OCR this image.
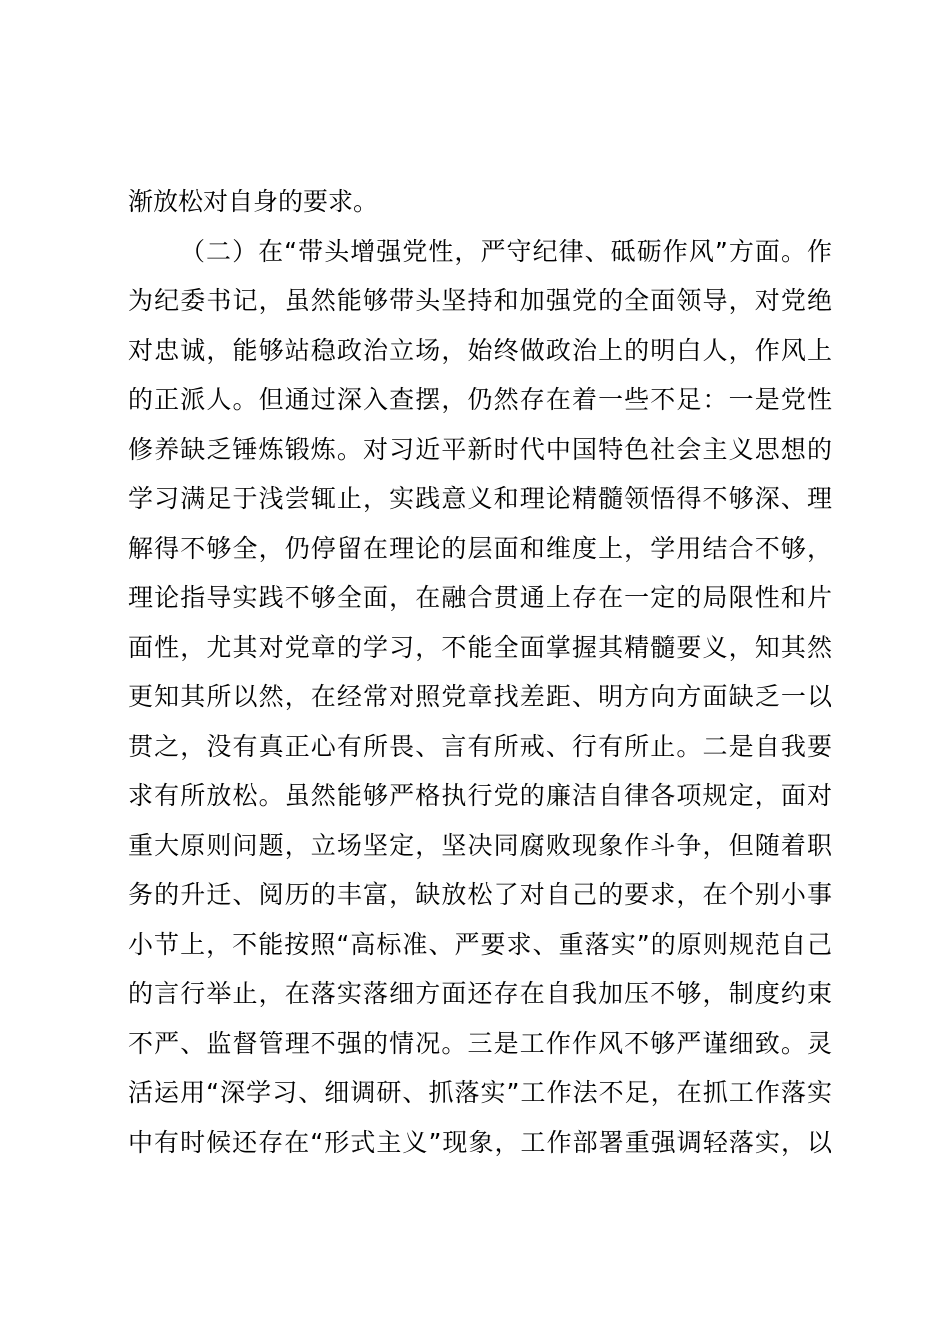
渐放松对自身的要求。
（二）在“带头增强党性，严守纪律、砥砺作风”方面。作
为纪委书记，虽然能够带头坚持和加强党的全面领导，对党绝
对忠诚，能够站稳政治立场，始终做政治上的明白人，作风上
的正派人。但通过深入查摆，仍然存在着一些不足：一是党性
修养缺乏锤炼锻炼。对习近平新时代中国特色社会主义思想的
学习满足于浅尝辄止，实践意义和理论精髓领悟得不够深、理
解得不够全，仍停留在理论的层面和维度上，学用结合不够，
理论指导实践不够全面，在融合贯通上存在一定的局限性和片
面性，尤其对党章的学习，不能全面掌握其精髓要义，知其然
更知其所以然，在经常对照党章找差距、明方向方面缺乏一以
贯之，没有真正心有所畏、言有所戒、行有所止。二是自我要
求有所放松。虽然能够严格执行党的廉洁自律各项规定，面对
重大原则问题，立场坚定，坚决同腐败现象作斗争，但随着职
务的升迁、阅历的丰富，缺放松了对自己的要求，在个别小事
小节上，不能按照“高标准、严要求、重落实”的原则规范自己
的言行举止，在落实落细方面还存在自我加压不够，制度约束
不严、监督管理不强的情况。三是工作作风不够严谨细致。灵
活运用“深学习、细调研、抓落实”工作法不足，在抓工作落实
中有时候还存在“形式主义”现象，工作部署重强调轻落实，以
